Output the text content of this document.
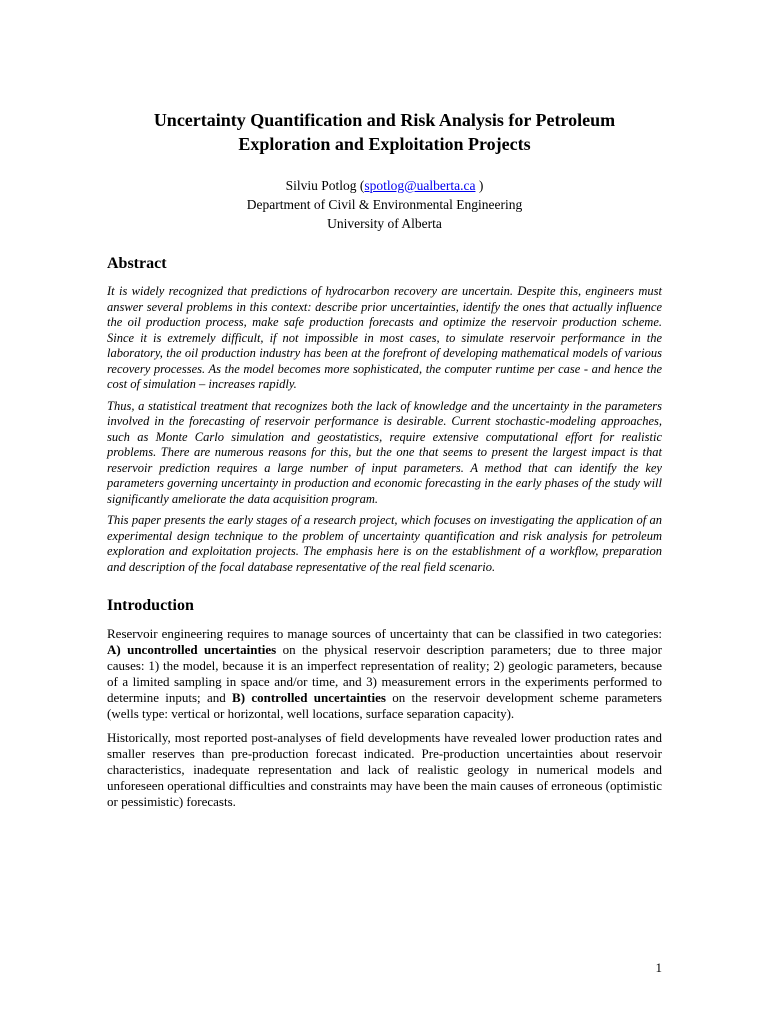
Uncertainty Quantification and Risk Analysis for Petroleum Exploration and Exploitation Projects
Silviu Potlog (spotlog@ualberta.ca )
Department of Civil & Environmental Engineering
University of Alberta
Abstract

It is widely recognized that predictions of hydrocarbon recovery are uncertain. Despite this, engineers must answer several problems in this context: describe prior uncertainties, identify the ones that actually influence the oil production process, make safe production forecasts and optimize the reservoir production scheme. Since it is extremely difficult, if not impossible in most cases, to simulate reservoir performance in the laboratory, the oil production industry has been at the forefront of developing mathematical models of various recovery processes. As the model becomes more sophisticated, the computer runtime per case - and hence the cost of simulation – increases rapidly.

Thus, a statistical treatment that recognizes both the lack of knowledge and the uncertainty in the parameters involved in the forecasting of reservoir performance is desirable. Current stochastic-modeling approaches, such as Monte Carlo simulation and geostatistics, require extensive computational effort for realistic problems. There are numerous reasons for this, but the one that seems to present the largest impact is that reservoir prediction requires a large number of input parameters. A method that can identify the key parameters governing uncertainty in production and economic forecasting in the early phases of the study will significantly ameliorate the data acquisition program.

This paper presents the early stages of a research project, which focuses on investigating the application of an experimental design technique to the problem of uncertainty quantification and risk analysis for petroleum exploration and exploitation projects. The emphasis here is on the establishment of a workflow, preparation and description of the focal database representative of the real field scenario.

Introduction

Reservoir engineering requires to manage sources of uncertainty that can be classified in two categories: A) uncontrolled uncertainties on the physical reservoir description parameters; due to three major causes: 1) the model, because it is an imperfect representation of reality; 2) geologic parameters, because of a limited sampling in space and/or time, and 3) measurement errors in the experiments performed to determine inputs; and B) controlled uncertainties on the reservoir development scheme parameters (wells type: vertical or horizontal, well locations, surface separation capacity).

Historically, most reported post-analyses of field developments have revealed lower production rates and smaller reserves than pre-production forecast indicated. Pre-production uncertainties about reservoir characteristics, inadequate representation and lack of realistic geology in numerical models and unforeseen operational difficulties and constraints may have been the main causes of erroneous (optimistic or pessimistic) forecasts.

1
